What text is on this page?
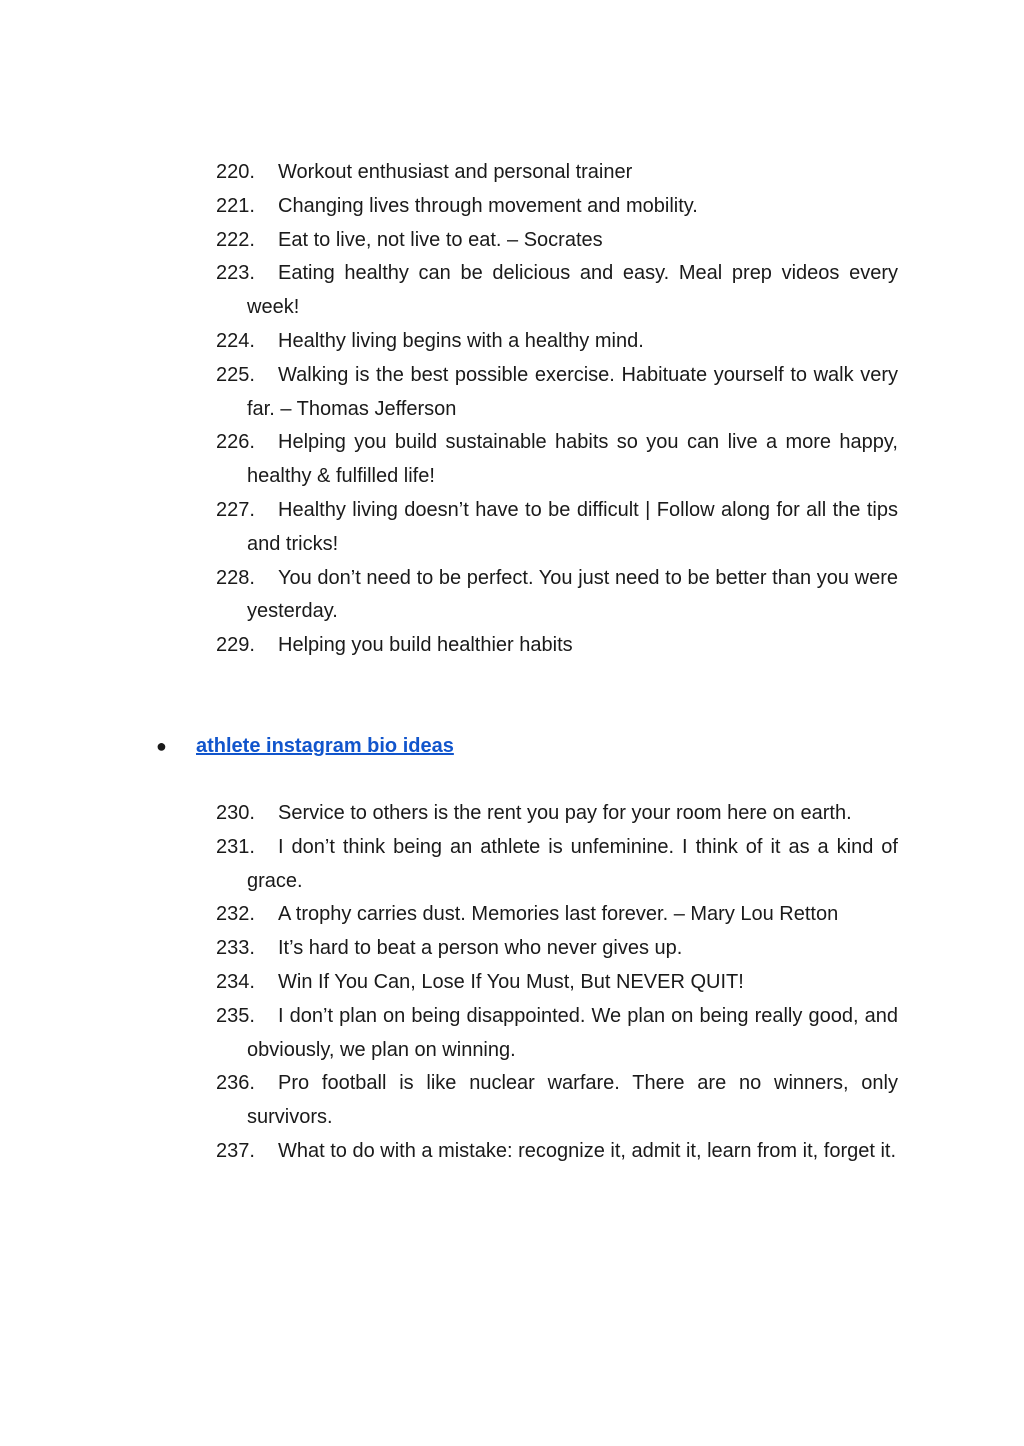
220. Workout enthusiast and personal trainer
221. Changing lives through movement and mobility.
222. Eat to live, not live to eat. – Socrates
223. Eating healthy can be delicious and easy. Meal prep videos every week!
224. Healthy living begins with a healthy mind.
225. Walking is the best possible exercise. Habituate yourself to walk very far. – Thomas Jefferson
226. Helping you build sustainable habits so you can live a more happy, healthy & fulfilled life!
227. Healthy living doesn’t have to be difficult | Follow along for all the tips and tricks!
228. You don’t need to be perfect. You just need to be better than you were yesterday.
229. Helping you build healthier habits
● athlete instagram bio ideas
230. Service to others is the rent you pay for your room here on earth.
231. I don’t think being an athlete is unfeminine. I think of it as a kind of grace.
232. A trophy carries dust. Memories last forever. – Mary Lou Retton
233. It’s hard to beat a person who never gives up.
234. Win If You Can, Lose If You Must, But NEVER QUIT!
235. I don’t plan on being disappointed. We plan on being really good, and obviously, we plan on winning.
236. Pro football is like nuclear warfare. There are no winners, only survivors.
237. What to do with a mistake: recognize it, admit it, learn from it, forget it.
